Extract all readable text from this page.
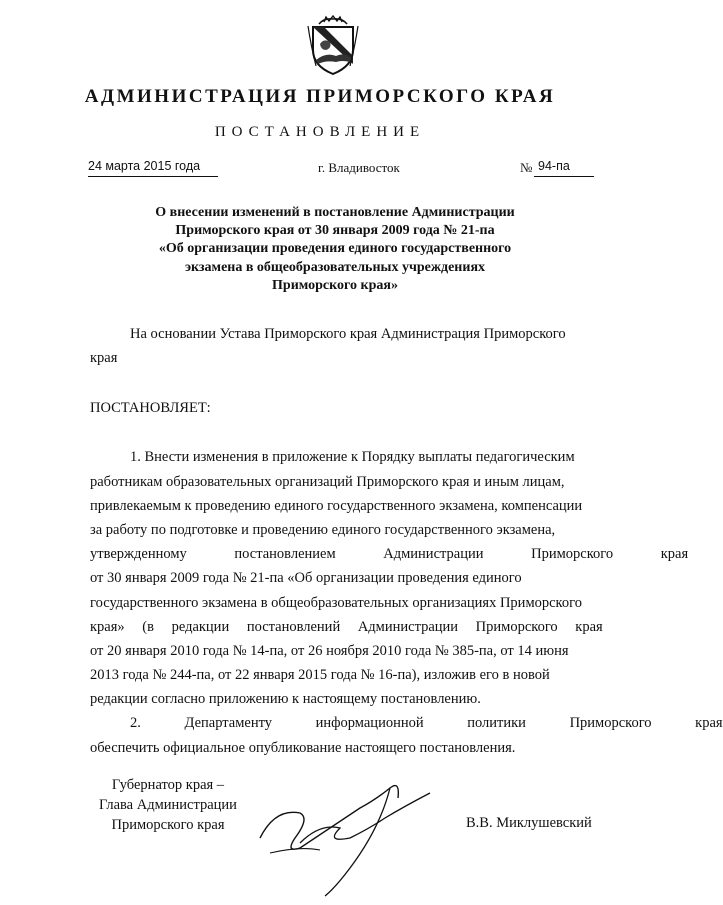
АДМИНИСТРАЦИЯ ПРИМОРСКОГО КРАЯ
ПОСТАНОВЛЕНИЕ
24 марта 2015 года	г. Владивосток	№ 94-па
О внесении изменений в постановление Администрации
Приморского края от 30 января 2009 года № 21-па
«Об организации проведения единого государственного
экзамена в общеобразовательных учреждениях
Приморского края»
На основании Устава Приморского края Администрация Приморского
края
ПОСТАНОВЛЯЕТ:
1. Внести изменения в приложение к Порядку выплаты педагогическим
работникам образовательных организаций Приморского края и иным лицам,
привлекаемым к проведению единого государственного экзамена, компенсации
за работу по подготовке и проведению единого государственного экзамена,
утвержденному постановлением Администрации Приморского края
от 30 января 2009 года № 21-па «Об организации проведения единого
государственного экзамена в общеобразовательных организациях Приморского
края» (в редакции постановлений Администрации Приморского края
от 20 января 2010 года № 14-па, от 26 ноября 2010 года № 385-па, от 14 июня
2013 года № 244-па, от 22 января 2015 года № 16-па), изложив его в новой
редакции согласно приложению к настоящему постановлению.
2. Департаменту информационной политики Приморского края
обеспечить официальное опубликование настоящего постановления.
Губернатор края –
Глава Администрации
Приморского края	В.В. Миклушевский
